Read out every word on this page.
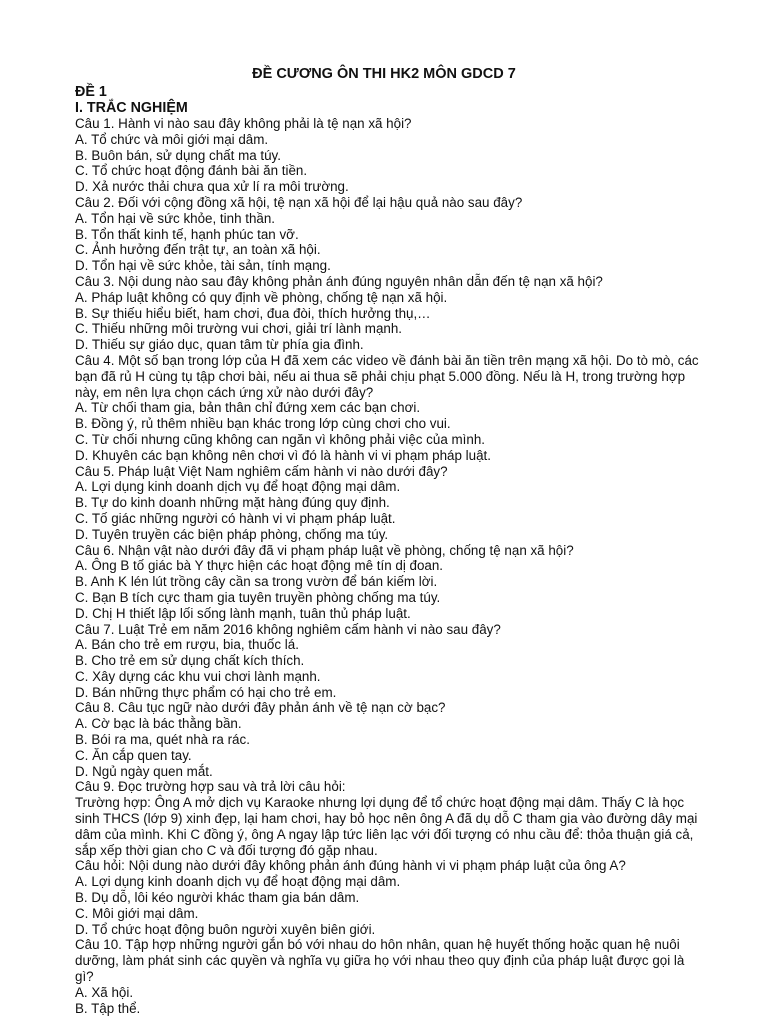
ĐỀ CƯƠNG ÔN THI HK2 MÔN GDCD 7
ĐỀ 1
I. TRẮC NGHIỆM
Câu 1. Hành vi nào sau đây không phải là tệ nạn xã hội?
A. Tổ chức và môi giới mại dâm.
B. Buôn bán, sử dụng chất ma túy.
C. Tổ chức hoạt động đánh bài ăn tiền.
D. Xả nước thải chưa qua xử lí ra môi trường.
Câu 2. Đối với cộng đồng xã hội, tệ nạn xã hội để lại hậu quả nào sau đây?
A. Tổn hại về sức khỏe, tinh thần.
B. Tổn thất kinh tế, hạnh phúc tan vỡ.
C. Ảnh hưởng đến trật tự, an toàn xã hội.
D. Tổn hại về sức khỏe, tài sản, tính mạng.
Câu 3. Nội dung nào sau đây không phản ánh đúng nguyên nhân dẫn đến tệ nạn xã hội?
A. Pháp luật không có quy định về phòng, chống tệ nạn xã hội.
B. Sự thiếu hiểu biết, ham chơi, đua đòi, thích hưởng thụ,…
C. Thiếu những môi trường vui chơi, giải trí lành mạnh.
D. Thiếu sự giáo dục, quan tâm từ phía gia đình.
Câu 4. Một số bạn trong lớp của H đã xem các video về đánh bài ăn tiền trên mạng xã hội. Do tò mò, các bạn đã rủ H cùng tụ tập chơi bài, nếu ai thua sẽ phải chịu phạt 5.000 đồng. Nếu là H, trong trường hợp này, em nên lựa chọn cách ứng xử nào dưới đây?
A. Từ chối tham gia, bản thân chỉ đứng xem các bạn chơi.
B. Đồng ý, rủ thêm nhiều bạn khác trong lớp cùng chơi cho vui.
C. Từ chối nhưng cũng không can ngăn vì không phải việc của mình.
D. Khuyên các bạn không nên chơi vì đó là hành vi vi phạm pháp luật.
Câu 5. Pháp luật Việt Nam nghiêm cấm hành vi nào dưới đây?
A. Lợi dụng kinh doanh dịch vụ để hoạt động mại dâm.
B. Tự do kinh doanh những mặt hàng đúng quy định.
C. Tố giác những người có hành vi vi phạm pháp luật.
D. Tuyên truyền các biện pháp phòng, chống ma túy.
Câu 6. Nhận vật nào dưới đây đã vi phạm pháp luật về phòng, chống tệ nạn xã hội?
A. Ông B tố giác bà Y thực hiện các hoạt động mê tín dị đoan.
B. Anh K lén lút trồng cây cần sa trong vườn để bán kiếm lời.
C. Bạn B tích cực tham gia tuyên truyền phòng chống ma túy.
D. Chị H thiết lập lối sống lành mạnh, tuân thủ pháp luật.
Câu 7. Luật Trẻ em năm 2016 không nghiêm cấm hành vi nào sau đây?
A. Bán cho trẻ em rượu, bia, thuốc lá.
B. Cho trẻ em sử dụng chất kích thích.
C. Xây dựng các khu vui chơi lành mạnh.
D. Bán những thực phẩm có hại cho trẻ em.
Câu 8. Câu tục ngữ nào dưới đây phản ánh về tệ nạn cờ bạc?
A. Cờ bạc là bác thằng bần.
B. Bói ra ma, quét nhà ra rác.
C. Ăn cắp quen tay.
D. Ngủ ngày quen mắt.
Câu 9. Đọc trường hợp sau và trả lời câu hỏi:
Trường hợp: Ông A mở dịch vụ Karaoke nhưng lợi dụng để tổ chức hoạt động mại dâm. Thấy C là học sinh THCS (lớp 9) xinh đẹp, lại ham chơi, hay bỏ học nên ông A đã dụ dỗ C tham gia vào đường dây mại dâm của mình. Khi C đồng ý, ông A ngay lập tức liên lạc với đối tượng có nhu cầu để: thỏa thuận giá cả, sắp xếp thời gian cho C và đối tượng đó gặp nhau.
Câu hỏi: Nội dung nào dưới đây không phản ánh đúng hành vi vi phạm pháp luật của ông A?
A. Lợi dụng kinh doanh dịch vụ để hoạt động mại dâm.
B. Dụ dỗ, lôi kéo người khác tham gia bán dâm.
C. Môi giới mại dâm.
D. Tổ chức hoạt động buôn người xuyên biên giới.
Câu 10. Tập hợp những người gắn bó với nhau do hôn nhân, quan hệ huyết thống hoặc quan hệ nuôi dưỡng, làm phát sinh các quyền và nghĩa vụ giữa họ với nhau theo quy định của pháp luật được gọi là gì?
A. Xã hội.
B. Tập thể.
